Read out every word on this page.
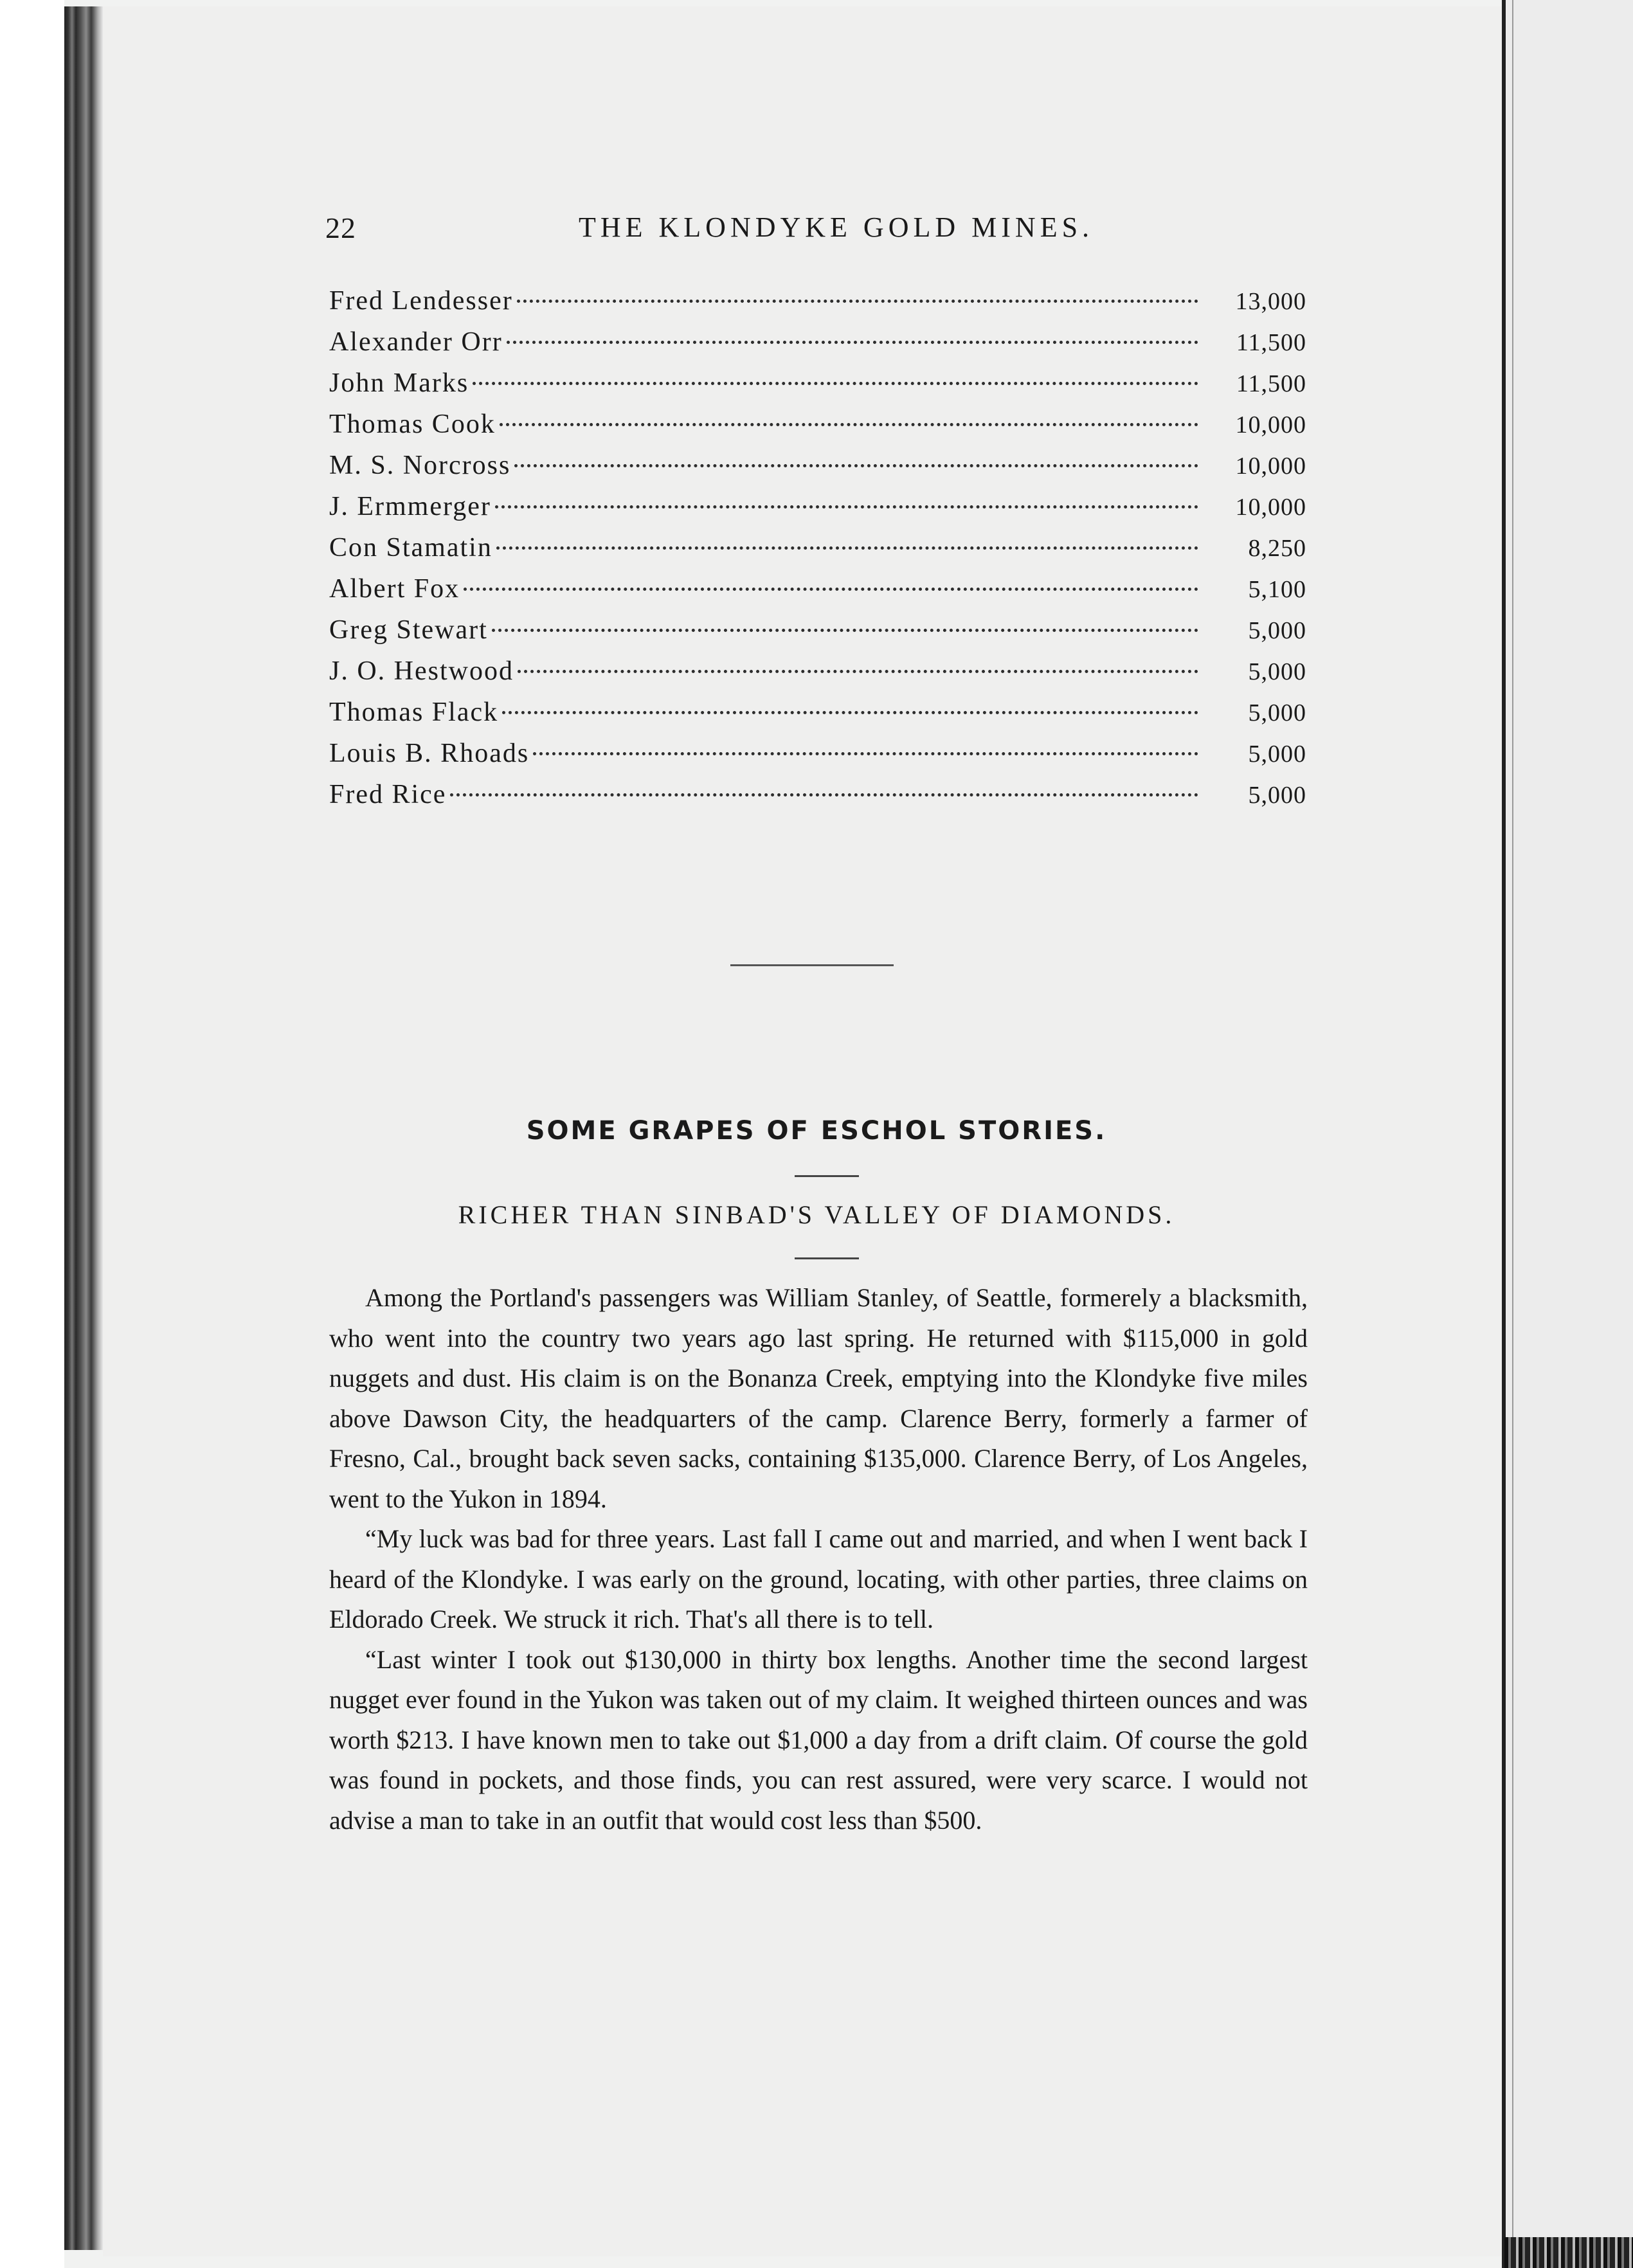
22	THE KLONDYKE GOLD MINES.
Fred Lendesser	13,000
Alexander Orr	11,500
John Marks	11,500
Thomas Cook	10,000
M. S. Norcross	10,000
J. Ermmerger	10,000
Con Stamatin	8,250
Albert Fox	5,100
Greg Stewart	5,000
J. O. Hestwood	5,000
Thomas Flack	5,000
Louis B. Rhoads	5,000
Fred Rice	5,000
SOME GRAPES OF ESCHOL STORIES.
RICHER THAN SINBAD'S VALLEY OF DIAMONDS.

Among the Portland's passengers was William Stanley, of Seattle, formerely a blacksmith, who went into the country two years ago last spring. He returned with $115,000 in gold nuggets and dust. His claim is on the Bonanza Creek, emptying into the Klondyke five miles above Dawson City, the headquarters of the camp. Clarence Berry, formerly a farmer of Fresno, Cal., brought back seven sacks, containing $135,000. Clarence Berry, of Los Angeles, went to the Yukon in 1894.

“My luck was bad for three years. Last fall I came out and married, and when I went back I heard of the Klondyke. I was early on the ground, locating, with other parties, three claims on Eldorado Creek. We struck it rich. That's all there is to tell.

“Last winter I took out $130,000 in thirty box lengths. Another time the second largest nugget ever found in the Yukon was taken out of my claim. It weighed thirteen ounces and was worth $213. I have known men to take out $1,000 a day from a drift claim. Of course the gold was found in pockets, and those finds, you can rest assured, were very scarce. I would not advise a man to take in an outfit that would cost less than $500.
